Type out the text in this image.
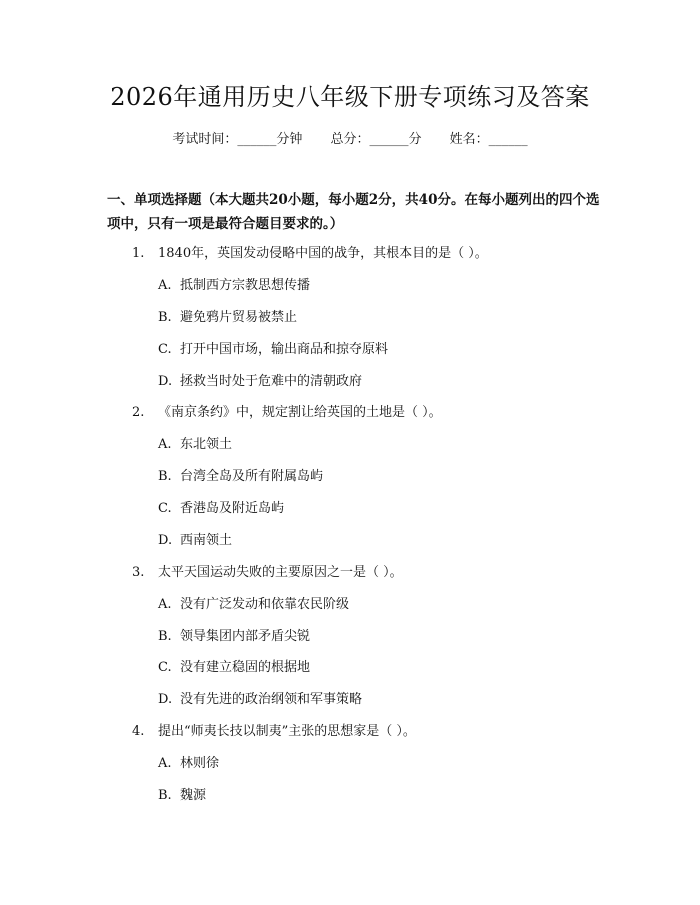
2026年通用历史八年级下册专项练习及答案
考试时间：______分钟 总分：______分 姓名：______
一、单项选择题（本大题共20小题，每小题2分，共40分。在每小题列出的四个选项中，只有一项是最符合题目要求的。）
1. 1840年，英国发动侵略中国的战争，其根本目的是（ ）。
A. 抵制西方宗教思想传播
B. 避免鸦片贸易被禁止
C. 打开中国市场，输出商品和掠夺原料
D. 拯救当时处于危难中的清朝政府
2. 《南京条约》中，规定割让给英国的土地是（ ）。
A. 东北领土
B. 台湾全岛及所有附属岛屿
C. 香港岛及附近岛屿
D. 西南领土
3. 太平天国运动失败的主要原因之一是（ ）。
A. 没有广泛发动和依靠农民阶级
B. 领导集团内部矛盾尖锐
C. 没有建立稳固的根据地
D. 没有先进的政治纲领和军事策略
4. 提出“师夷长技以制夷”主张的思想家是（ ）。
A. 林则徐
B. 魏源
